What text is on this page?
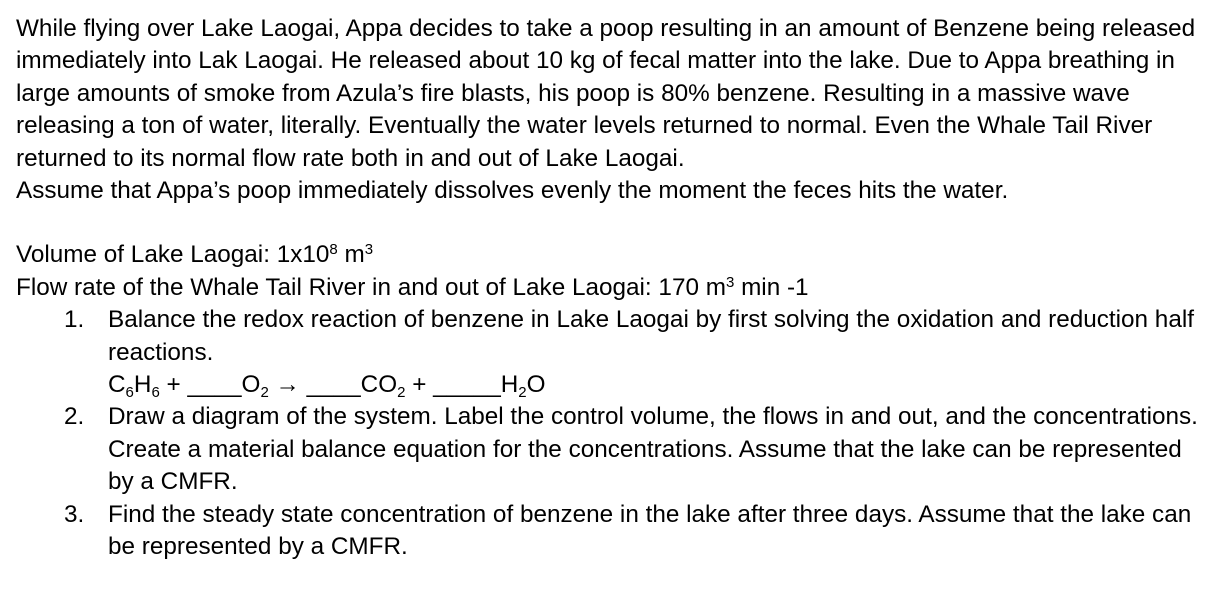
While flying over Lake Laogai, Appa decides to take a poop resulting in an amount of Benzene being released immediately into Lak Laogai. He released about 10 kg of fecal matter into the lake. Due to Appa breathing in large amounts of smoke from Azula’s fire blasts, his poop is 80% benzene. Resulting in a massive wave releasing a ton of water, literally. Eventually the water levels returned to normal. Even the Whale Tail River returned to its normal flow rate both in and out of Lake Laogai.

Assume that Appa’s poop immediately dissolves evenly the moment the feces hits the water.

Volume of Lake Laogai: $1x10^8$ $m^3$

Flow rate of the Whale Tail River in and out of Lake Laogai: 170 $m^3$ min -1

1. Balance the redox reaction of benzene in Lake Laogai by first solving the oxidation and reduction half reactions.
$C_6H_6$ + $\_\_\_\_O_2$ → $\_\_\_\_CO_2$ + $\_\_\_\_\_H_2O$
2. Draw a diagram of the system. Label the control volume, the flows in and out, and the concentrations. Create a material balance equation for the concentrations. Assume that the lake can be represented by a CMFR.
3. Find the steady state concentration of benzene in the lake after three days. Assume that the lake can be represented by a CMFR.
